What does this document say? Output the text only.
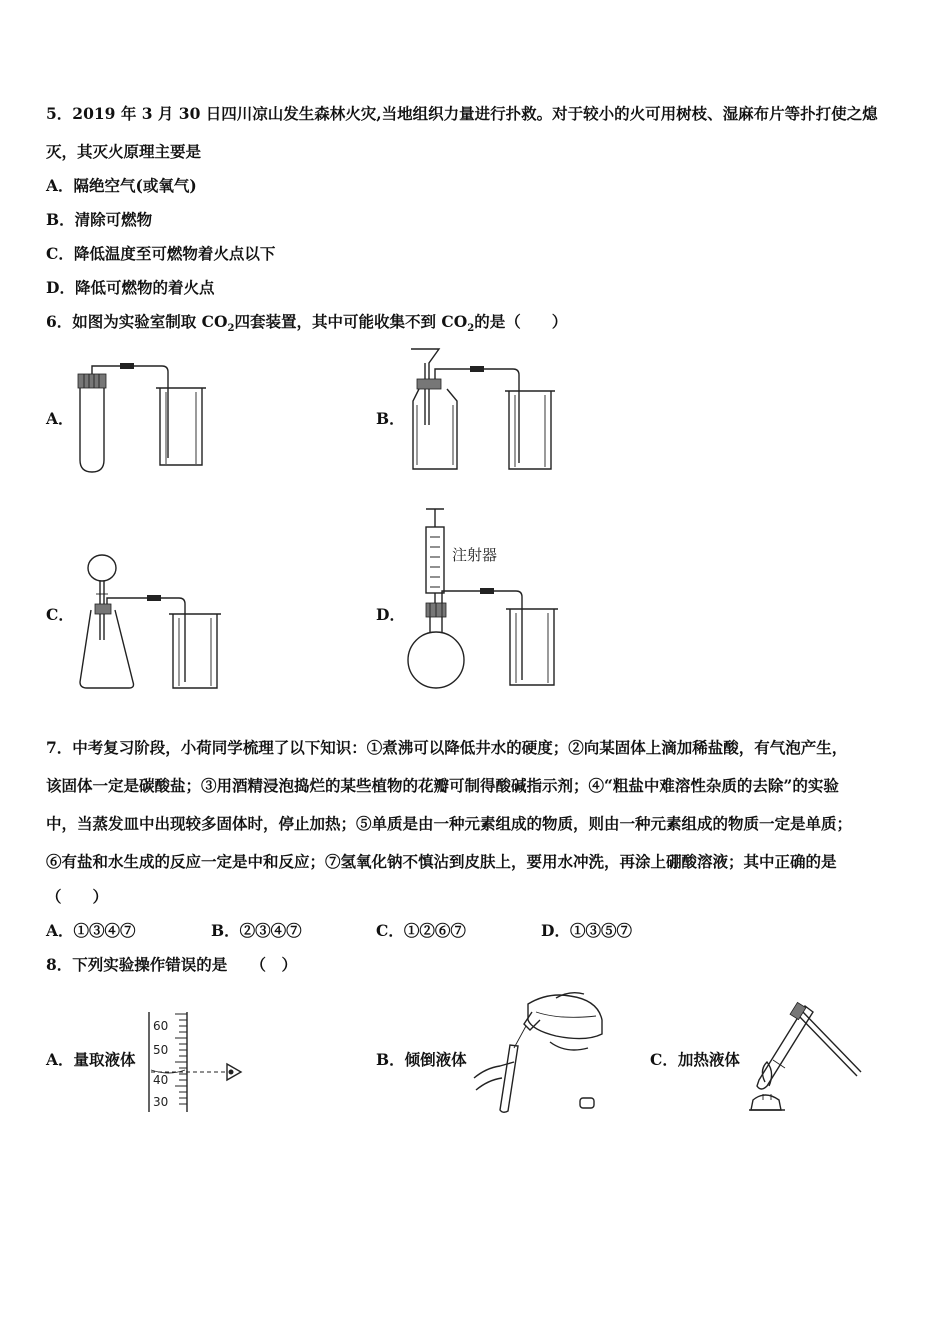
5．2019 年 3 月 30 日四川凉山发生森林火灾,当地组织力量进行扑救。对于较小的火可用树枝、湿麻布片等扑打使之熄
灭，其灭火原理主要是
A．隔绝空气(或氧气)
B．清除可燃物
C．降低温度至可燃物着火点以下
D．降低可燃物的着火点
6．如图为实验室制取 $CO_2$四套装置，其中可能收集不到 $CO_2$的是（　　）
A．	B．
C．	D．
注射器
7．中考复习阶段，小荷同学梳理了以下知识：①煮沸可以降低井水的硬度；②向某固体上滴加稀盐酸，有气泡产生，
该固体一定是碳酸盐；③用酒精浸泡捣烂的某些植物的花瓣可制得酸碱指示剂；④“粗盐中难溶性杂质的去除”的实验
中，当蒸发皿中出现较多固体时，停止加热；⑤单质是由一种元素组成的物质，则由一种元素组成的物质一定是单质；
⑥有盐和水生成的反应一定是中和反应；⑦氢氧化钠不慎沾到皮肤上，要用水冲洗，再涂上硼酸溶液；其中正确的是
（　　）
A．①③④⑦	B．②③④⑦	C．①②⑥⑦	D．①③⑤⑦
8．下列实验操作错误的是　　（　）
A．量取液体	B．倾倒液体	C．加热液体
60
50
40
30
